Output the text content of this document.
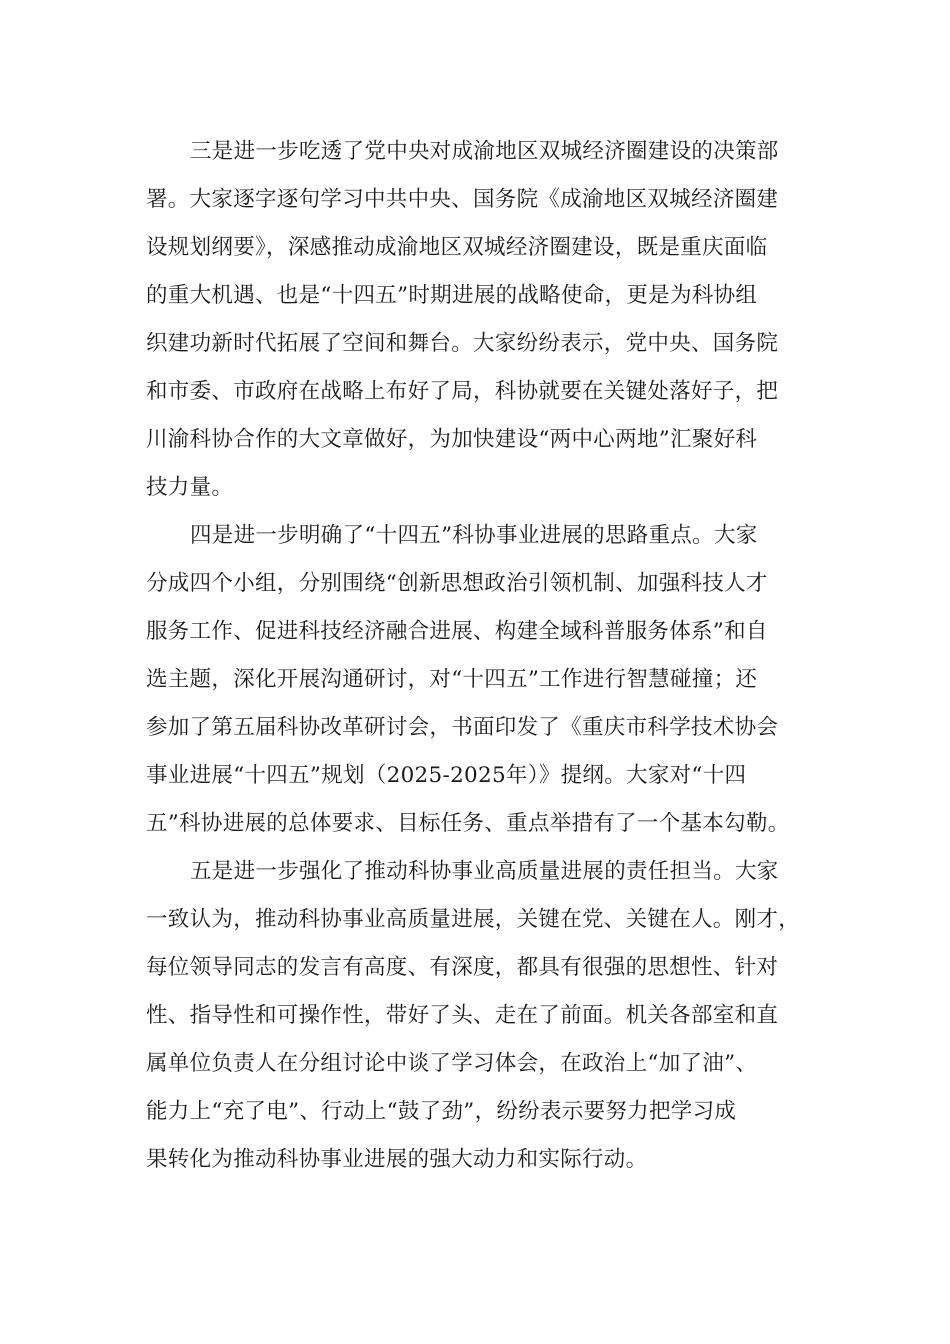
三是进一步吃透了党中央对成渝地区双城经济圈建设的决策部
署。大家逐字逐句学习中共中央、国务院《成渝地区双城经济圈建
设规划纲要》，深感推动成渝地区双城经济圈建设，既是重庆面临
的重大机遇、也是“十四五”时期进展的战略使命，更是为科协组
织建功新时代拓展了空间和舞台。大家纷纷表示，党中央、国务院
和市委、市政府在战略上布好了局，科协就要在关键处落好子，把
川渝科协合作的大文章做好，为加快建设“两中心两地”汇聚好科
技力量。
四是进一步明确了“十四五”科协事业进展的思路重点。大家
分成四个小组，分别围绕“创新思想政治引领机制、加强科技人才
服务工作、促进科技经济融合进展、构建全域科普服务体系”和自
选主题，深化开展沟通研讨，对“十四五”工作进行智慧碰撞；还
参加了第五届科协改革研讨会，书面印发了《重庆市科学技术协会
事业进展“十四五”规划（2025-2025年）》提纲。大家对“十四
五”科协进展的总体要求、目标任务、重点举措有了一个基本勾勒。
五是进一步强化了推动科协事业高质量进展的责任担当。大家
一致认为，推动科协事业高质量进展，关键在党、关键在人。刚才，
每位领导同志的发言有高度、有深度，都具有很强的思想性、针对
性、指导性和可操作性，带好了头、走在了前面。机关各部室和直
属单位负责人在分组讨论中谈了学习体会，在政治上“加了油”、
能力上“充了电”、行动上“鼓了劲”，纷纷表示要努力把学习成
果转化为推动科协事业进展的强大动力和实际行动。
